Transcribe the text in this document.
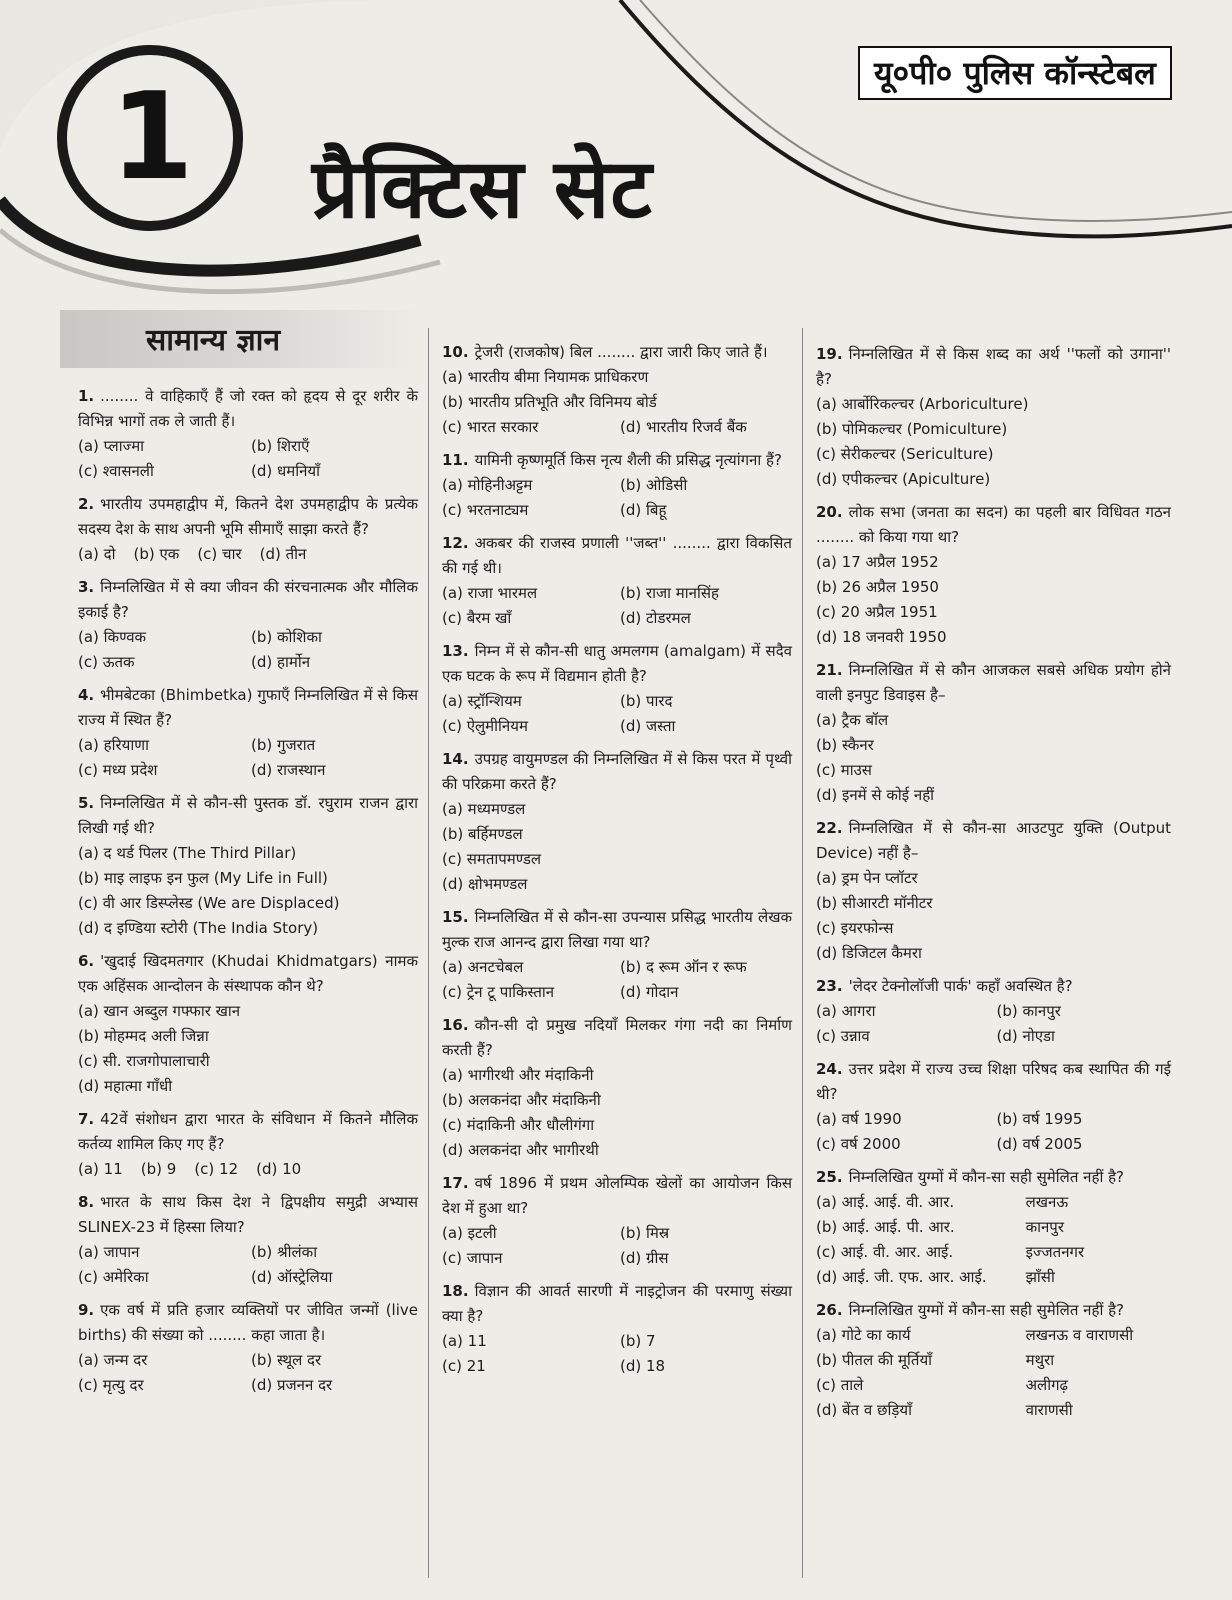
1 प्रैक्टिस सेट
यू०पी० पुलिस कॉन्स्टेबल
सामान्य ज्ञान
1. ........ वे वाहिकाएँ हैं जो रक्त को हृदय से दूर शरीर के विभिन्न भागों तक ले जाती हैं।
(a) प्लाज्मा	(b) शिराएँ
(c) श्वासनली	(d) धमनियाँ
2. भारतीय उपमहाद्वीप में, कितने देश उपमहाद्वीप के प्रत्येक सदस्य देश के साथ अपनी भूमि सीमाएँ साझा करते हैं?
(a) दो (b) एक (c) चार (d) तीन
3. निम्नलिखित में से क्या जीवन की संरचनात्मक और मौलिक इकाई है?
(a) किण्वक	(b) कोशिका
(c) ऊतक	(d) हार्मोन
4. भीमबेटका (Bhimbetka) गुफाएँ निम्नलिखित में से किस राज्य में स्थित हैं?
(a) हरियाणा	(b) गुजरात
(c) मध्य प्रदेश	(d) राजस्थान
5. निम्नलिखित में से कौन-सी पुस्तक डॉ. रघुराम राजन द्वारा लिखी गई थी?
(a) द थर्ड पिलर (The Third Pillar)
(b) माइ लाइफ इन फुल (My Life in Full)
(c) वी आर डिस्प्लेस्ड (We are Displaced)
(d) द इण्डिया स्टोरी (The India Story)
6. 'खुदाई खिदमतगार (Khudai Khidmatgars) नामक एक अहिंसक आन्दोलन के संस्थापक कौन थे?
(a) खान अब्दुल गफ्फार खान
(b) मोहम्मद अली जिन्ना
(c) सी. राजगोपालाचारी
(d) महात्मा गाँधी
7. 42वें संशोधन द्वारा भारत के संविधान में कितने मौलिक कर्तव्य शामिल किए गए हैं?
(a) 11 (b) 9 (c) 12 (d) 10
8. भारत के साथ किस देश ने द्विपक्षीय समुद्री अभ्यास SLINEX-23 में हिस्सा लिया?
(a) जापान	(b) श्रीलंका
(c) अमेरिका	(d) ऑस्ट्रेलिया
9. एक वर्ष में प्रति हजार व्यक्तियों पर जीवित जन्मों (live births) की संख्या को ........ कहा जाता है।
(a) जन्म दर	(b) स्थूल दर
(c) मृत्यु दर	(d) प्रजनन दर
10. ट्रेजरी (राजकोष) बिल ........ द्वारा जारी किए जाते हैं।
(a) भारतीय बीमा नियामक प्राधिकरण
(b) भारतीय प्रतिभूति और विनिमय बोर्ड
(c) भारत सरकार	(d) भारतीय रिजर्व बैंक
11. यामिनी कृष्णमूर्ति किस नृत्य शैली की प्रसिद्ध नृत्यांगना हैं?
(a) मोहिनीअट्टम	(b) ओडिसी
(c) भरतनाट्यम	(d) बिहू
12. अकबर की राजस्व प्रणाली ''जब्त'' ........ द्वारा विकसित की गई थी।
(a) राजा भारमल	(b) राजा मानसिंह
(c) बैरम खाँ	(d) टोडरमल
13. निम्न में से कौन-सी धातु अमलगम (amalgam) में सदैव एक घटक के रूप में विद्यमान होती है?
(a) स्ट्रॉन्शियम	(b) पारद
(c) ऐलुमीनियम	(d) जस्ता
14. उपग्रह वायुमण्डल की निम्नलिखित में से किस परत में पृथ्वी की परिक्रमा करते हैं?
(a) मध्यमण्डल
(b) बर्हिमण्डल
(c) समतापमण्डल
(d) क्षोभमण्डल
15. निम्नलिखित में से कौन-सा उपन्यास प्रसिद्ध भारतीय लेखक मुल्क राज आनन्द द्वारा लिखा गया था?
(a) अनटचेबल	(b) द रूम ऑन र रूफ
(c) ट्रेन टू पाकिस्तान	(d) गोदान
16. कौन-सी दो प्रमुख नदियाँ मिलकर गंगा नदी का निर्माण करती हैं?
(a) भागीरथी और मंदाकिनी
(b) अलकनंदा और मंदाकिनी
(c) मंदाकिनी और धौलीगंगा
(d) अलकनंदा और भागीरथी
17. वर्ष 1896 में प्रथम ओलम्पिक खेलों का आयोजन किस देश में हुआ था?
(a) इटली	(b) मिस्र
(c) जापान	(d) ग्रीस
18. विज्ञान की आवर्त सारणी में नाइट्रोजन की परमाणु संख्या क्या है?
(a) 11	(b) 7
(c) 21	(d) 18
19. निम्नलिखित में से किस शब्द का अर्थ ''फलों को उगाना'' है?
(a) आर्बोरिकल्चर (Arboriculture)
(b) पोमिकल्चर (Pomiculture)
(c) सेरीकल्चर (Sericulture)
(d) एपीकल्चर (Apiculture)
20. लोक सभा (जनता का सदन) का पहली बार विधिवत गठन ........ को किया गया था?
(a) 17 अप्रैल 1952
(b) 26 अप्रैल 1950
(c) 20 अप्रैल 1951
(d) 18 जनवरी 1950
21. निम्नलिखित में से कौन आजकल सबसे अधिक प्रयोग होने वाली इनपुट डिवाइस है–
(a) ट्रैक बॉल
(b) स्कैनर
(c) माउस
(d) इनमें से कोई नहीं
22. निम्नलिखित में से कौन-सा आउटपुट युक्ति (Output Device) नहीं है–
(a) ड्रम पेन प्लॉटर
(b) सीआरटी मॉनीटर
(c) इयरफोन्स
(d) डिजिटल कैमरा
23. 'लेदर टेक्नोलॉजी पार्क' कहाँ अवस्थित है?
(a) आगरा	(b) कानपुर
(c) उन्नाव	(d) नोएडा
24. उत्तर प्रदेश में राज्य उच्च शिक्षा परिषद कब स्थापित की गई थी?
(a) वर्ष 1990	(b) वर्ष 1995
(c) वर्ष 2000	(d) वर्ष 2005
25. निम्नलिखित युग्मों में कौन-सा सही सुमेलित नहीं है?
(a) आई. आई. वी. आर.	लखनऊ
(b) आई. आई. पी. आर.	कानपुर
(c) आई. वी. आर. आई.	इज्जतनगर
(d) आई. जी. एफ. आर. आई.	झाँसी
26. निम्नलिखित युग्मों में कौन-सा सही सुमेलित नहीं है?
(a) गोटे का कार्य	लखनऊ व वाराणसी
(b) पीतल की मूर्तियाँ	मथुरा
(c) ताले	अलीगढ़
(d) बेंत व छड़ियाँ	वाराणसी
